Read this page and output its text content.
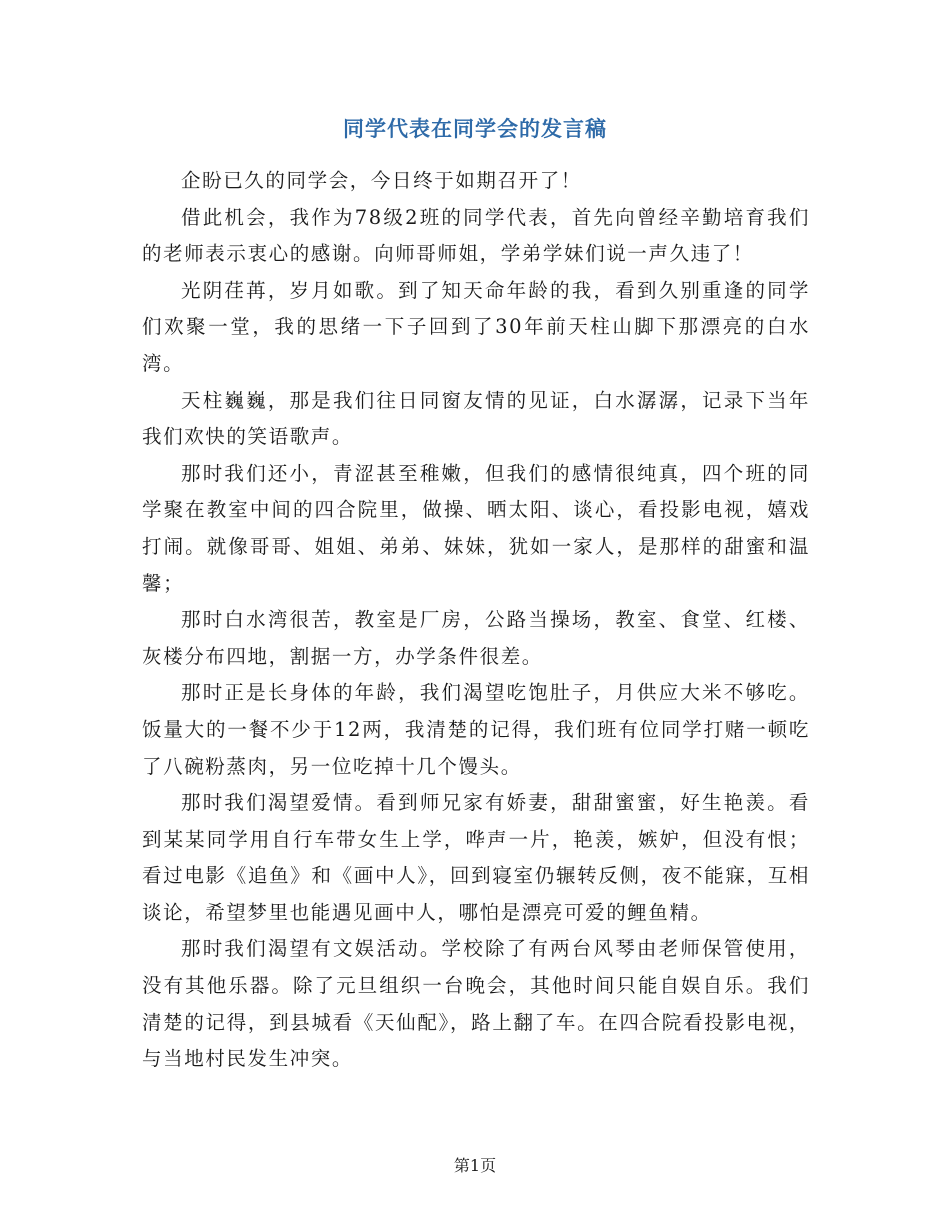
同学代表在同学会的发言稿

企盼已久的同学会，今日终于如期召开了！

借此机会，我作为78级2班的同学代表，首先向曾经辛勤培育我们的老师表示衷心的感谢。向师哥师姐，学弟学妹们说一声久违了！

光阴荏苒，岁月如歌。到了知天命年龄的我，看到久别重逢的同学们欢聚一堂，我的思绪一下子回到了30年前天柱山脚下那漂亮的白水湾。

天柱巍巍，那是我们往日同窗友情的见证，白水潺潺，记录下当年我们欢快的笑语歌声。

那时我们还小，青涩甚至稚嫩，但我们的感情很纯真，四个班的同学聚在教室中间的四合院里，做操、晒太阳、谈心，看投影电视，嬉戏打闹。就像哥哥、姐姐、弟弟、妹妹，犹如一家人，是那样的甜蜜和温馨；

那时白水湾很苦，教室是厂房，公路当操场，教室、食堂、红楼、灰楼分布四地，割据一方，办学条件很差。

那时正是长身体的年龄，我们渴望吃饱肚子，月供应大米不够吃。饭量大的一餐不少于12两，我清楚的记得，我们班有位同学打赌一顿吃了八碗粉蒸肉，另一位吃掉十几个馒头。

那时我们渴望爱情。看到师兄家有娇妻，甜甜蜜蜜，好生艳羡。看到某某同学用自行车带女生上学，哗声一片，艳羡，嫉妒，但没有恨；看过电影《追鱼》和《画中人》，回到寝室仍辗转反侧，夜不能寐，互相谈论，希望梦里也能遇见画中人，哪怕是漂亮可爱的鲤鱼精。

那时我们渴望有文娱活动。学校除了有两台风琴由老师保管使用，没有其他乐器。除了元旦组织一台晚会，其他时间只能自娱自乐。我们清楚的记得，到县城看《天仙配》，路上翻了车。在四合院看投影电视，与当地村民发生冲突。

第1页
